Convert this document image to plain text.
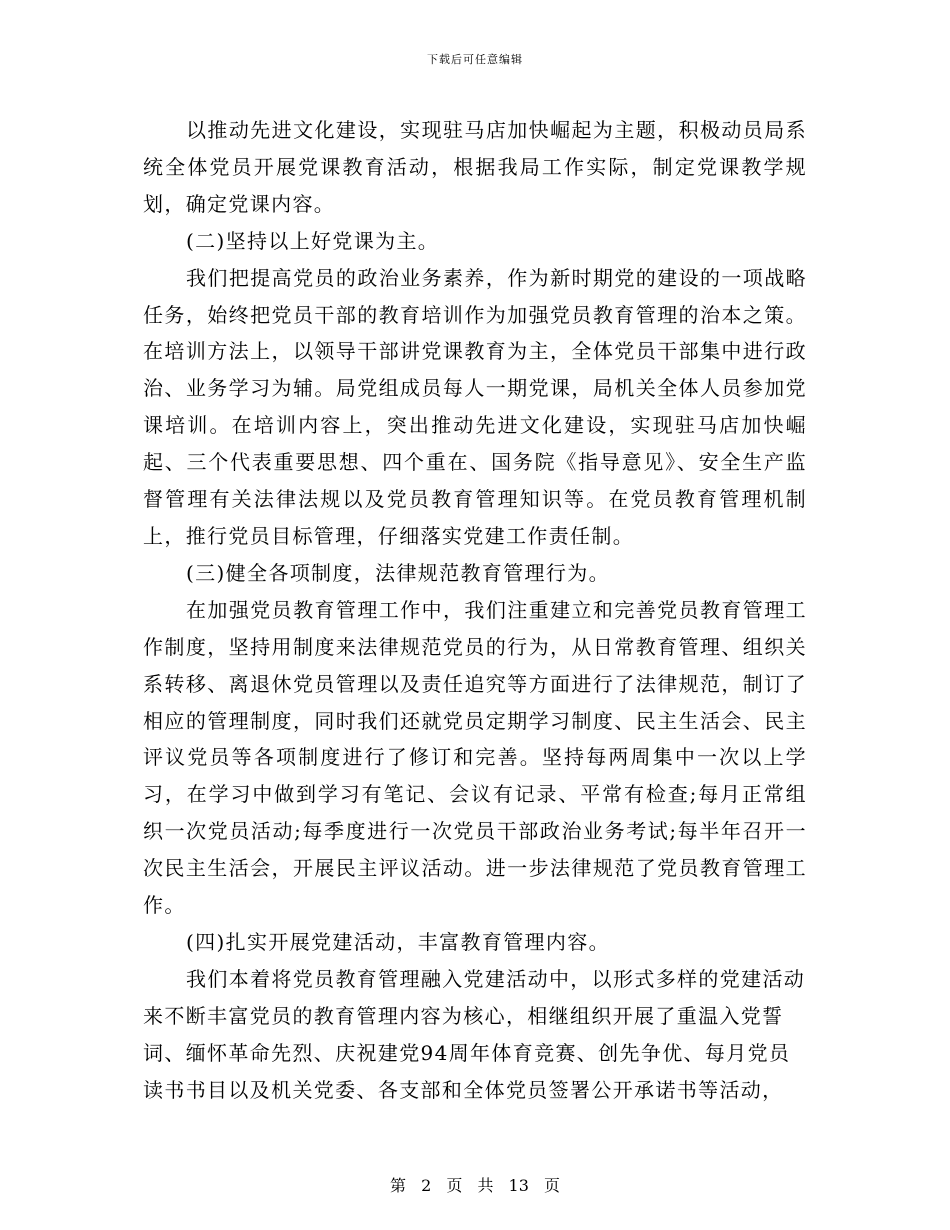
下载后可任意编辑

以推动先进文化建设，实现驻马店加快崛起为主题，积极动员局系统全体党员开展党课教育活动，根据我局工作实际，制定党课教学规划，确定党课内容。

(二)坚持以上好党课为主。

我们把提高党员的政治业务素养，作为新时期党的建设的一项战略任务，始终把党员干部的教育培训作为加强党员教育管理的治本之策。在培训方法上，以领导干部讲党课教育为主，全体党员干部集中进行政治、业务学习为辅。局党组成员每人一期党课，局机关全体人员参加党课培训。在培训内容上，突出推动先进文化建设，实现驻马店加快崛起、三个代表重要思想、四个重在、国务院《指导意见》、安全生产监督管理有关法律法规以及党员教育管理知识等。在党员教育管理机制上，推行党员目标管理，仔细落实党建工作责任制。

(三)健全各项制度，法律规范教育管理行为。

在加强党员教育管理工作中，我们注重建立和完善党员教育管理工作制度，坚持用制度来法律规范党员的行为，从日常教育管理、组织关系转移、离退休党员管理以及责任追究等方面进行了法律规范，制订了相应的管理制度，同时我们还就党员定期学习制度、民主生活会、民主评议党员等各项制度进行了修订和完善。坚持每两周集中一次以上学习，在学习中做到学习有笔记、会议有记录、平常有检查;每月正常组织一次党员活动;每季度进行一次党员干部政治业务考试;每半年召开一次民主生活会，开展民主评议活动。进一步法律规范了党员教育管理工作。

(四)扎实开展党建活动，丰富教育管理内容。

我们本着将党员教育管理融入党建活动中，以形式多样的党建活动来不断丰富党员的教育管理内容为核心，相继组织开展了重温入党誓词、缅怀革命先烈、庆祝建党94周年体育竞赛、创先争优、每月党员读书书目以及机关党委、各支部和全体党员签署公开承诺书等活动，

第 2 页 共 13 页
